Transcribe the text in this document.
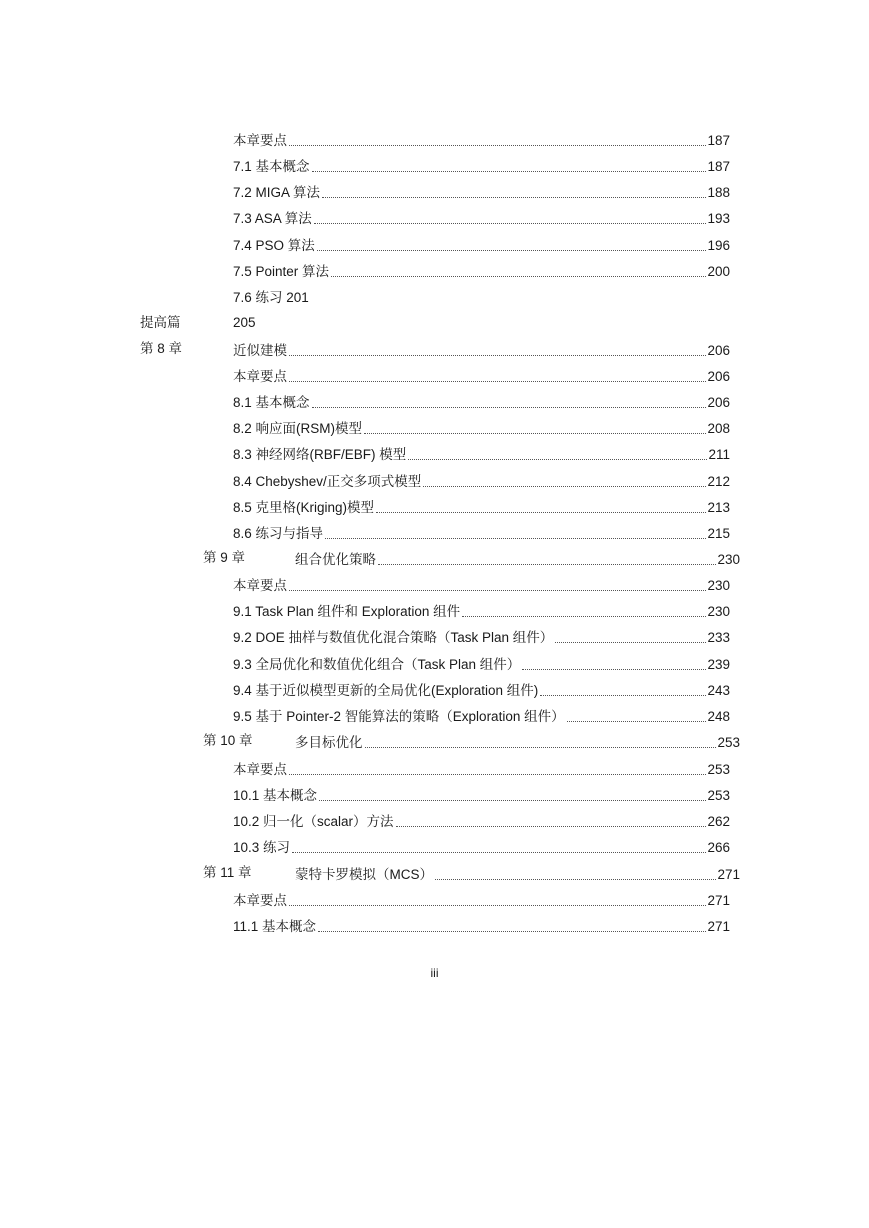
本章要点	187
7.1 基本概念	187
7.2 MIGA 算法	188
7.3 ASA 算法	193
7.4 PSO 算法	196
7.5 Pointer 算法	200
7.6 练习 201
提高篇	205
第 8 章	近似建模	206
本章要点	206
8.1 基本概念	206
8.2 响应面(RSM)模型	208
8.3 神经网络(RBF/EBF) 模型	211
8.4 Chebyshev/正交多项式模型	212
8.5 克里格(Kriging)模型	213
8.6 练习与指导	215
第 9 章	组合优化策略	230
本章要点	230
9.1 Task Plan 组件和 Exploration 组件	230
9.2 DOE 抽样与数值优化混合策略（Task Plan 组件）	233
9.3 全局优化和数值优化组合（Task Plan 组件）	239
9.4 基于近似模型更新的全局优化(Exploration 组件)	243
9.5 基于 Pointer-2 智能算法的策略（Exploration 组件）	248
第 10 章	多目标优化	253
本章要点	253
10.1 基本概念	253
10.2 归一化（scalar）方法	262
10.3 练习	266
第 11 章	蒙特卡罗模拟（MCS）	271
本章要点	271
11.1 基本概念	271
iii
